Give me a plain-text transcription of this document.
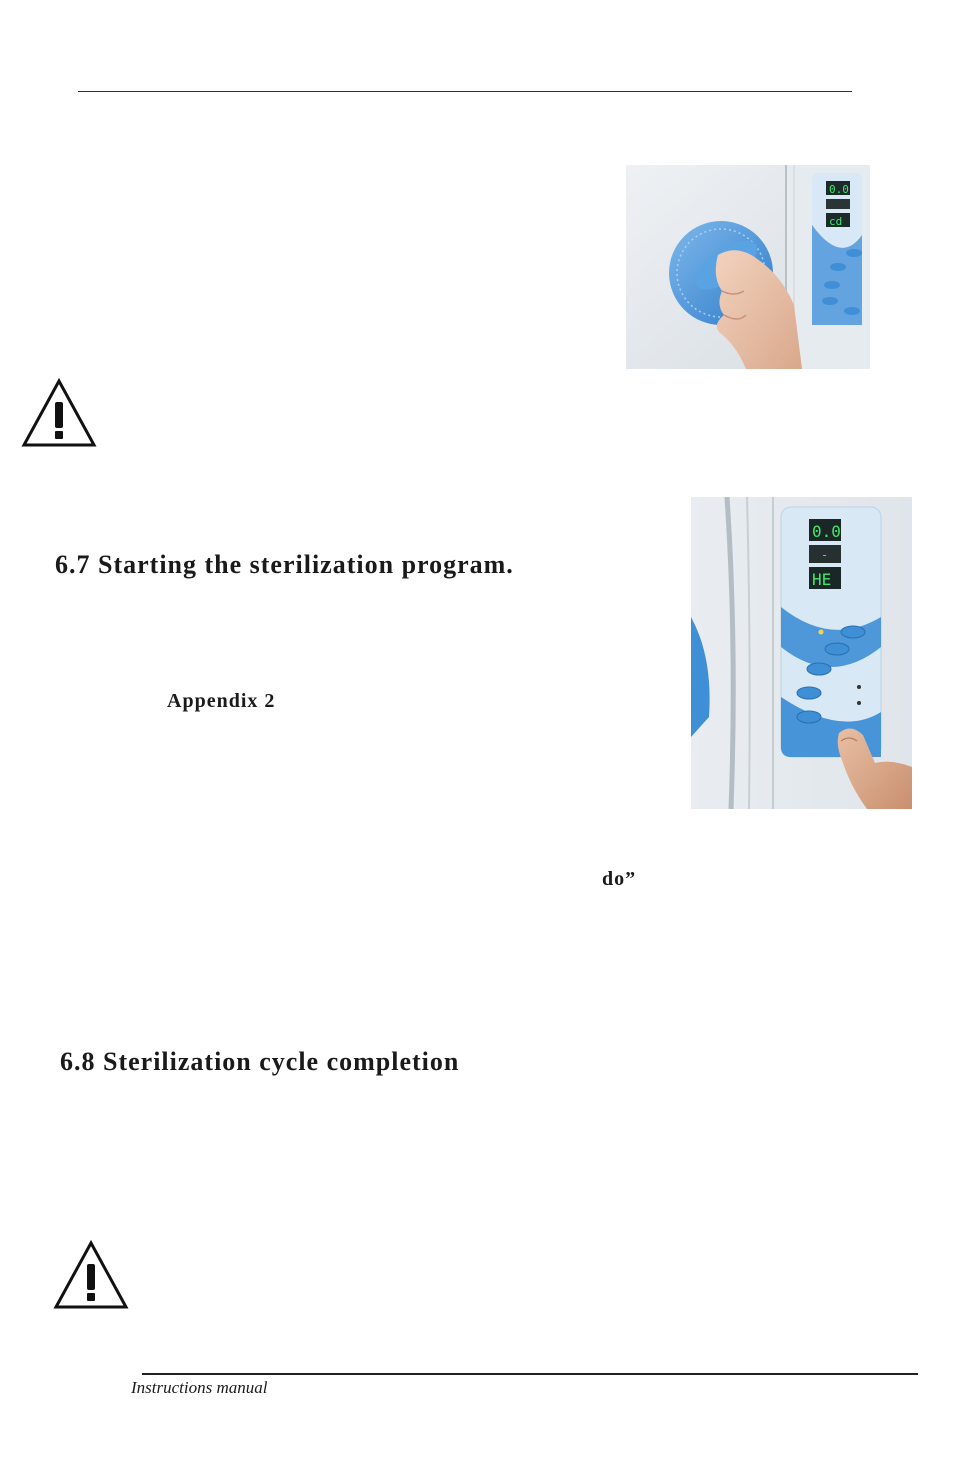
0.0
cd
0.0
-
HE
6.7 Starting the sterilization program.
Appendix 2
do”
6.8 Sterilization cycle completion
Instructions manual
